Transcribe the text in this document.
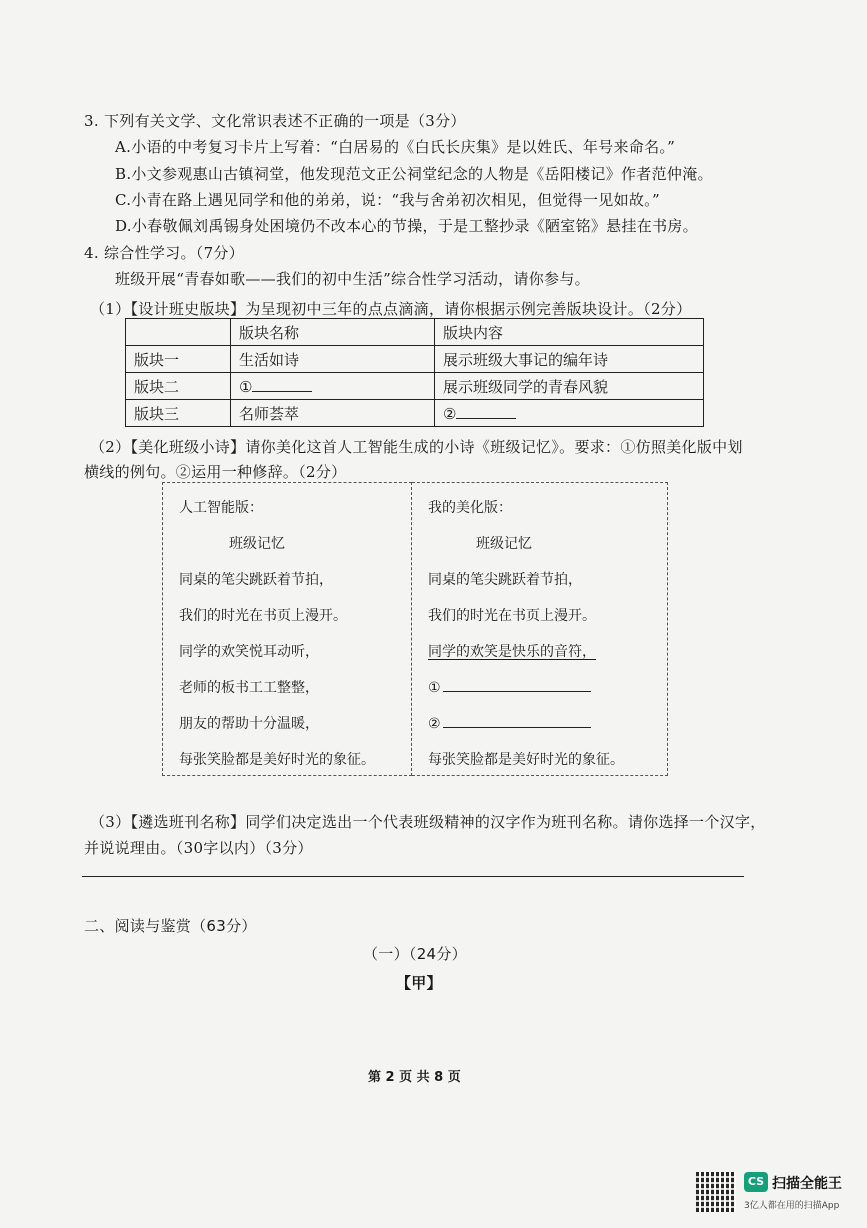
3. 下列有关文学、文化常识表述不正确的一项是（3分）
A.小语的中考复习卡片上写着：“白居易的《白氏长庆集》是以姓氏、年号来命名。”
B.小文参观惠山古镇祠堂，他发现范文正公祠堂纪念的人物是《岳阳楼记》作者范仲淹。
C.小青在路上遇见同学和他的弟弟，说：“我与舍弟初次相见，但觉得一见如故。”
D.小春敬佩刘禹锡身处困境仍不改本心的节操，于是工整抄录《陋室铭》悬挂在书房。
4. 综合性学习。（7分）
班级开展“青春如歌——我们的初中生活”综合性学习活动，请你参与。
（1）【设计班史版块】为呈现初中三年的点点滴滴，请你根据示例完善版块设计。（2分）
	版块名称	版块内容
版块一	生活如诗	展示班级大事记的编年诗
版块二	①	展示班级同学的青春风貌
版块三	名师荟萃	②
（2）【美化班级小诗】请你美化这首人工智能生成的小诗《班级记忆》。要求：①仿照美化版中划
横线的例句。②运用一种修辞。（2分）
人工智能版：
班级记忆
同桌的笔尖跳跃着节拍，
我们的时光在书页上漫开。
同学的欢笑悦耳动听，
老师的板书工工整整，
朋友的帮助十分温暖，
每张笑脸都是美好时光的象征。
我的美化版：
班级记忆
同桌的笔尖跳跃着节拍，
我们的时光在书页上漫开。
同学的欢笑是快乐的音符，
①
②
每张笑脸都是美好时光的象征。
（3）【遴选班刊名称】同学们决定选出一个代表班级精神的汉字作为班刊名称。请你选择一个汉字，
并说说理由。（30字以内）（3分）
二、阅读与鉴赏（63分）
（一）（24分）
【甲】
第 2 页 共 8 页
CS 扫描全能王
3亿人都在用的扫描App
